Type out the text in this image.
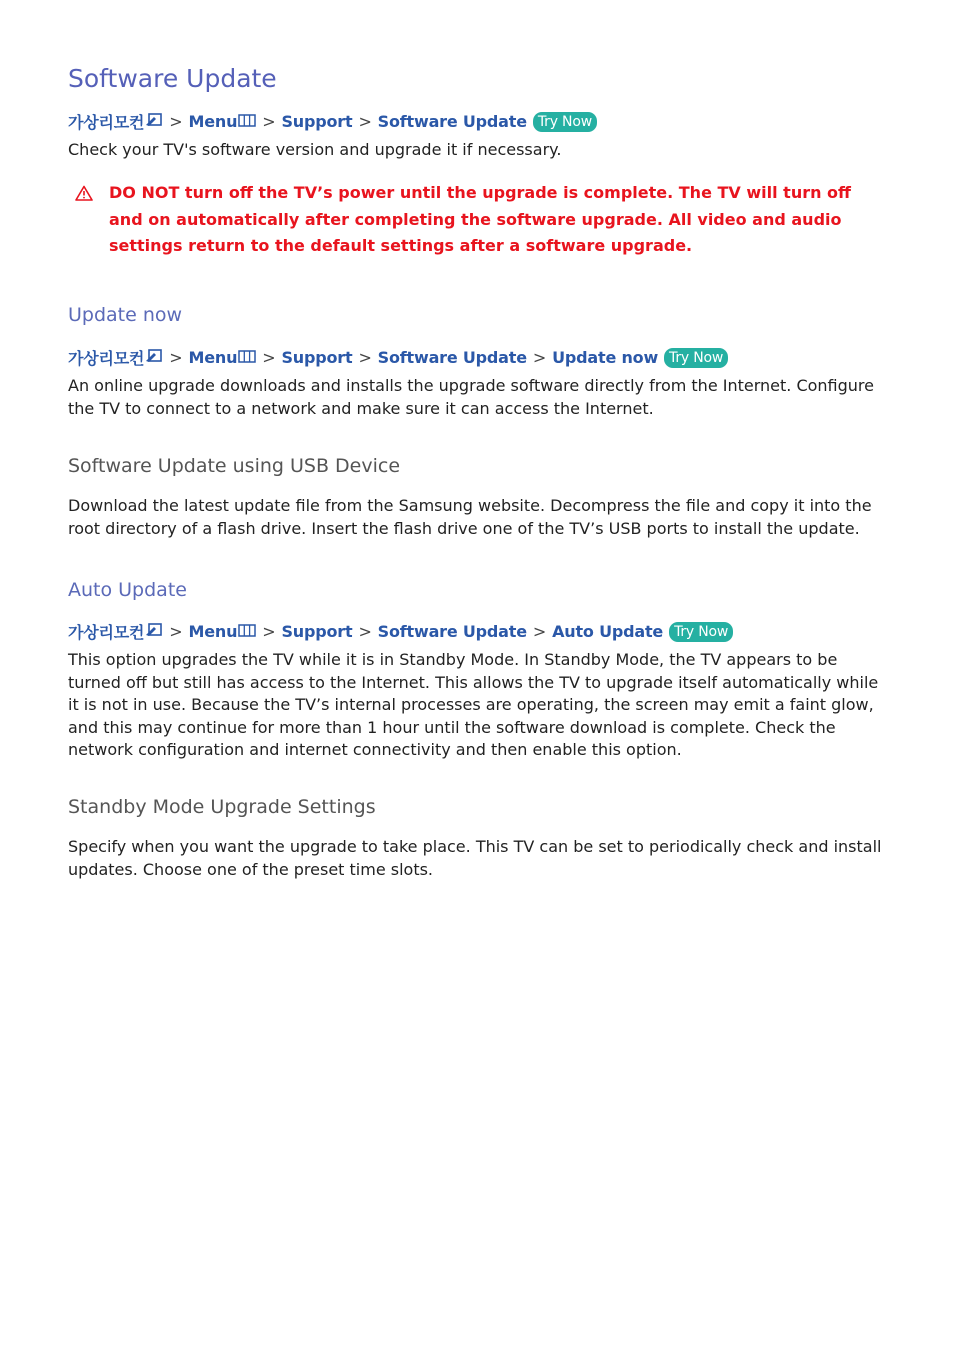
Software Update
가상리모컨 > Menu > Support > Software Update Try Now

Check your TV's software version and upgrade it if necessary.

DO NOT turn off the TV’s power until the upgrade is complete. The TV will turn off and on automatically after completing the software upgrade. All video and audio settings return to the default settings after a software upgrade.

Update now
가상리모컨 > Menu > Support > Software Update > Update now Try Now

An online upgrade downloads and installs the upgrade software directly from the Internet. Configure the TV to connect to a network and make sure it can access the Internet.

Software Update using USB Device

Download the latest update file from the Samsung website. Decompress the file and copy it into the root directory of a flash drive. Insert the flash drive one of the TV’s USB ports to install the update.

Auto Update
가상리모컨 > Menu > Support > Software Update > Auto Update Try Now

This option upgrades the TV while it is in Standby Mode. In Standby Mode, the TV appears to be turned off but still has access to the Internet. This allows the TV to upgrade itself automatically while it is not in use. Because the TV’s internal processes are operating, the screen may emit a faint glow, and this may continue for more than 1 hour until the software download is complete. Check the network configuration and internet connectivity and then enable this option.

Standby Mode Upgrade Settings

Specify when you want the upgrade to take place. This TV can be set to periodically check and install updates. Choose one of the preset time slots.
